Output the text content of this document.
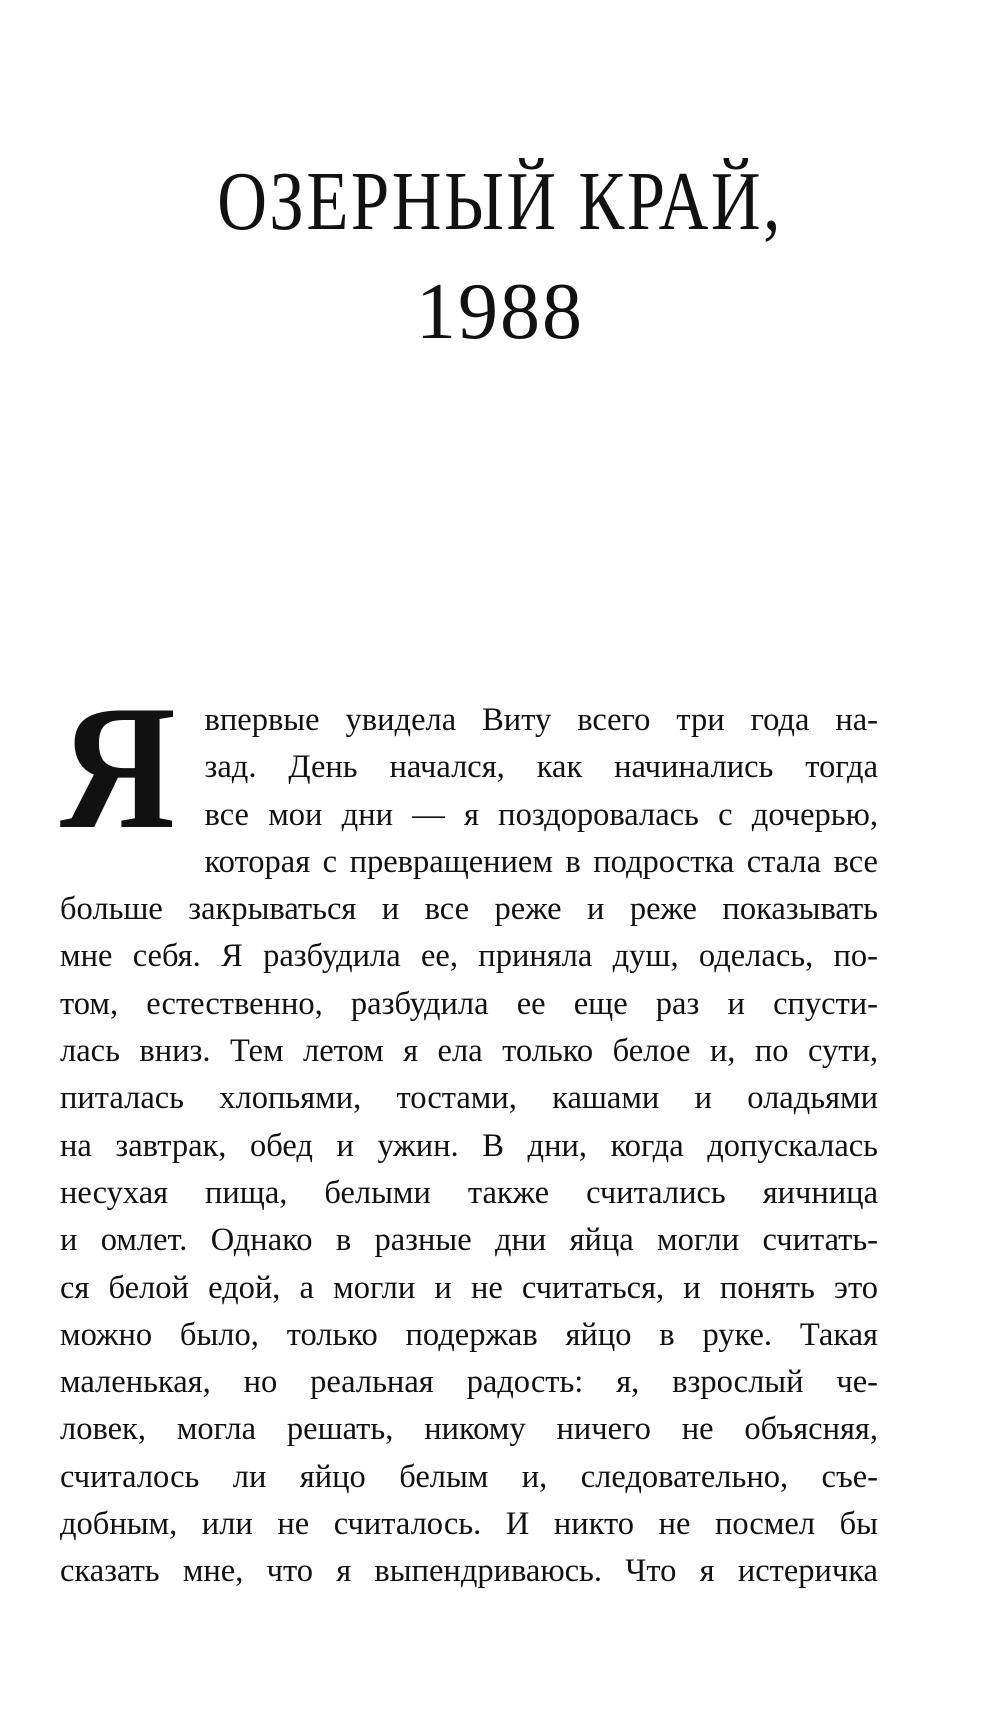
ОЗЕРНЫЙ КРАЙ,
1988
Я впервые увидела Виту всего три года на-
зад. День начался, как начинались тогда
все мои дни — я поздоровалась с дочерью,
которая с превращением в подростка стала все
больше закрываться и все реже и реже показывать
мне себя. Я разбудила ее, приняла душ, оделась, по-
том, естественно, разбудила ее еще раз и спусти-
лась вниз. Тем летом я ела только белое и, по сути,
питалась хлопьями, тостами, кашами и оладьями
на завтрак, обед и ужин. В дни, когда допускалась
несухая пища, белыми также считались яичница
и омлет. Однако в разные дни яйца могли считать-
ся белой едой, а могли и не считаться, и понять это
можно было, только подержав яйцо в руке. Такая
маленькая, но реальная радость: я, взрослый че-
ловек, могла решать, никому ничего не объясняя,
считалось ли яйцо белым и, следовательно, съе-
добным, или не считалось. И никто не посмел бы
сказать мне, что я выпендриваюсь. Что я истеричка
